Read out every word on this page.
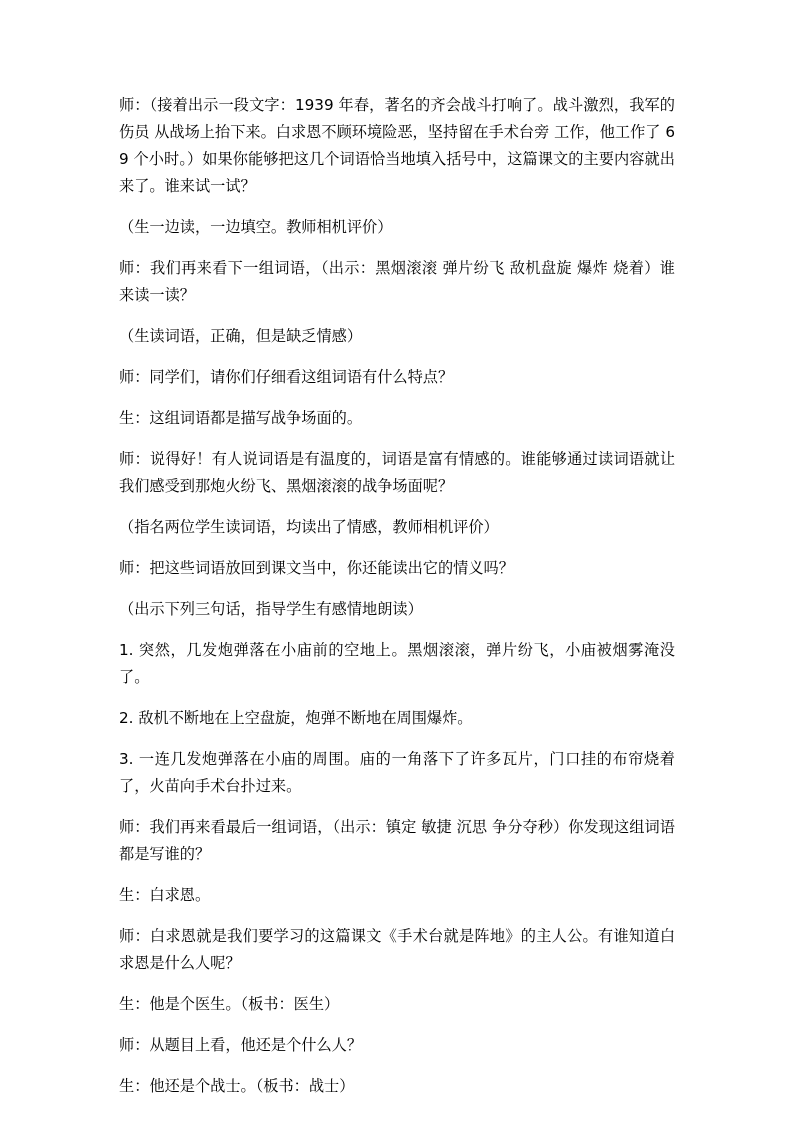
师：（接着出示一段文字：1939 年春，著名的齐会战斗打响了。战斗激烈，我军的伤员 从战场上抬下来。白求恩不顾环境险恶，坚持留在手术台旁 工作，他工作了 69 个小时。）如果你能够把这几个词语恰当地填入括号中，这篇课文的主要内容就出来了。谁来试一试？

（生一边读，一边填空。教师相机评价）

师：我们再来看下一组词语，（出示：黑烟滚滚 弹片纷飞 敌机盘旋 爆炸 烧着）谁来读一读？

（生读词语，正确，但是缺乏情感）

师：同学们，请你们仔细看这组词语有什么特点？

生：这组词语都是描写战争场面的。

师：说得好！有人说词语是有温度的，词语是富有情感的。谁能够通过读词语就让我们感受到那炮火纷飞、黑烟滚滚的战争场面呢？

（指名两位学生读词语，均读出了情感，教师相机评价）

师：把这些词语放回到课文当中，你还能读出它的情义吗？

（出示下列三句话，指导学生有感情地朗读）

1. 突然，几发炮弹落在小庙前的空地上。黑烟滚滚，弹片纷飞，小庙被烟雾淹没了。

2. 敌机不断地在上空盘旋，炮弹不断地在周围爆炸。

3. 一连几发炮弹落在小庙的周围。庙的一角落下了许多瓦片，门口挂的布帘烧着了，火苗向手术台扑过来。

师：我们再来看最后一组词语，（出示：镇定 敏捷 沉思 争分夺秒）你发现这组词语都是写谁的？

生：白求恩。

师：白求恩就是我们要学习的这篇课文《手术台就是阵地》的主人公。有谁知道白求恩是什么人呢？

生：他是个医生。（板书：医生）

师：从题目上看，他还是个什么人？

生：他还是个战士。（板书：战士）
